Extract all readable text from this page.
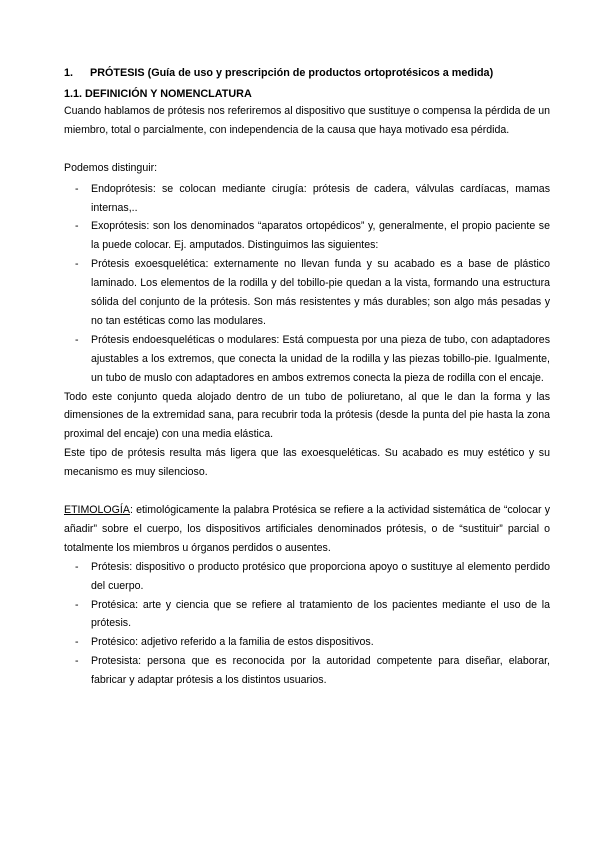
1. PRÓTESIS (Guía de uso y prescripción de productos ortoprotésicos a medida)
1.1. DEFINICIÓN Y NOMENCLATURA

Cuando hablamos de prótesis nos referiremos al dispositivo que sustituye o compensa la pérdida de un miembro, total o parcialmente, con independencia de la causa que haya motivado esa pérdida.

Podemos distinguir:

- Endoprótesis: se colocan mediante cirugía: prótesis de cadera, válvulas cardíacas, mamas internas,..
- Exoprótesis: son los denominados “aparatos ortopédicos” y, generalmente, el propio paciente se la puede colocar. Ej. amputados. Distinguimos las siguientes:
- Prótesis exoesquelética: externamente no llevan funda y su acabado es a base de plástico laminado. Los elementos de la rodilla y del tobillo-pie quedan a la vista, formando una estructura sólida del conjunto de la prótesis. Son más resistentes y más durables; son algo más pesadas y no tan estéticas como las modulares.
- Prótesis endoesqueléticas o modulares: Está compuesta por una pieza de tubo, con adaptadores ajustables a los extremos, que conecta la unidad de la rodilla y las piezas tobillo-pie. Igualmente, un tubo de muslo con adaptadores en ambos extremos conecta la pieza de rodilla con el encaje.

Todo este conjunto queda alojado dentro de un tubo de poliuretano, al que le dan la forma y las dimensiones de la extremidad sana, para recubrir toda la prótesis (desde la punta del pie hasta la zona proximal del encaje) con una media elástica.

Este tipo de prótesis resulta más ligera que las exoesqueléticas. Su acabado es muy estético y su mecanismo es muy silencioso.

ETIMOLOGÍA: etimológicamente la palabra Protésica se refiere a la actividad sistemática de “colocar y añadir” sobre el cuerpo, los dispositivos artificiales denominados prótesis, o de “sustituir” parcial o totalmente los miembros u órganos perdidos o ausentes.

- Prótesis: dispositivo o producto protésico que proporciona apoyo o sustituye al elemento perdido del cuerpo.
- Protésica: arte y ciencia que se refiere al tratamiento de los pacientes mediante el uso de la prótesis.
- Protésico: adjetivo referido a la familia de estos dispositivos.
- Protesista: persona que es reconocida por la autoridad competente para diseñar, elaborar, fabricar y adaptar prótesis a los distintos usuarios.
